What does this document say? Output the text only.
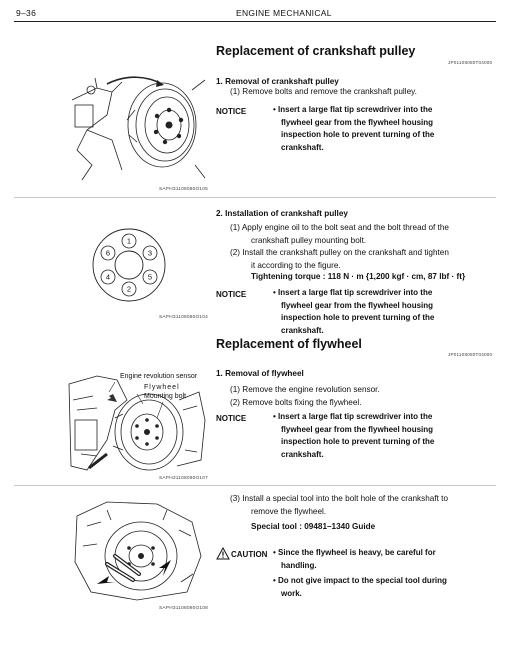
9–36	ENGINE MECHANICAL
Replacement of crankshaft pulley
JP01108080T04000
1. Removal of crankshaft pulley
(1) Remove bolts and remove the crankshaft pulley.
NOTICE	• Insert a large flat tip screwdriver into the
flywheel gear from the flywheel housing
inspection hole to prevent turning of the
crankshaft.
SAPH31108080O105
2. Installation of crankshaft pulley
(1) Apply engine oil to the bolt seat and the bolt thread of the
crankshaft pulley mounting bolt.
(2) Install the crankshaft pulley on the crankshaft and tighten
it according to the figure.
Tightening torque : 118 N · m {1,200 kgf · cm, 87 lbf · ft}
NOTICE	• Insert a large flat tip screwdriver into the
flywheel gear from the flywheel housing
inspection hole to prevent turning of the
crankshaft.
1
3
5
2
4
6
SAPH31108080O104
Replacement of flywheel
JP01108080T04000
1. Removal of flywheel
(1) Remove the engine revolution sensor.
(2) Remove bolts fixing the flywheel.
NOTICE	• Insert a large flat tip screwdriver into the
flywheel gear from the flywheel housing
inspection hole to prevent turning of the
crankshaft.
Engine revolution sensor
Flywheel
Mounting bolt
SAPH31108080O107
(3) Install a special tool into the bolt hole of the crankshaft to
remove the flywheel.
Special tool : 09481–1340 Guide
CAUTION • Since the flywheel is heavy, be careful for
handling.
• Do not give impact to the special tool during
work.
SAPH31108080O108
